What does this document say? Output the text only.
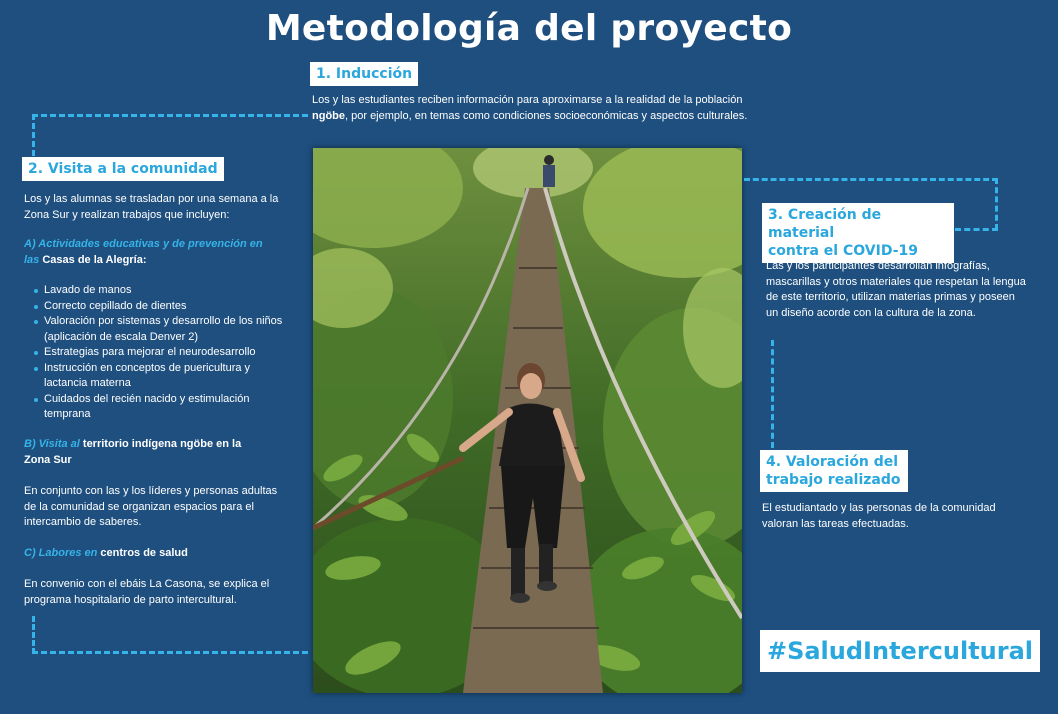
Metodología del proyecto
1. Inducción
Los y las estudiantes reciben información para aproximarse a la realidad de la población ngöbe, por ejemplo, en temas como condiciones socioeconómicas y aspectos culturales.
2. Visita a la comunidad
Los y las alumnas se trasladan por una semana a la Zona Sur y realizan trabajos que incluyen:
A) Actividades educativas y de prevención en las Casas de la Alegría:
Lavado de manos
Correcto cepillado de dientes
Valoración por sistemas y desarrollo de los niños (aplicación de escala Denver 2)
Estrategias para mejorar el neurodesarrollo
Instrucción en conceptos de puericultura y lactancia materna
Cuidados del recién nacido y estimulación temprana
B) Visita al territorio indígena ngöbe en la Zona Sur
En conjunto con las y los líderes y personas adultas de la comunidad se organizan espacios para el intercambio de saberes.
C) Labores en centros de salud
En convenio con el ebáis La Casona, se explica el programa hospitalario de parto intercultural.
3. Creación de material
contra el COVID-19
Las y los participantes desarrollan infografías, mascarillas y otros materiales que respetan la lengua de este territorio, utilizan materias primas y poseen un diseño acorde con la cultura de la zona.
4. Valoración del
trabajo realizado
El estudiantado y las personas de la comunidad valoran las tareas efectuadas.
#SaludIntercultural
